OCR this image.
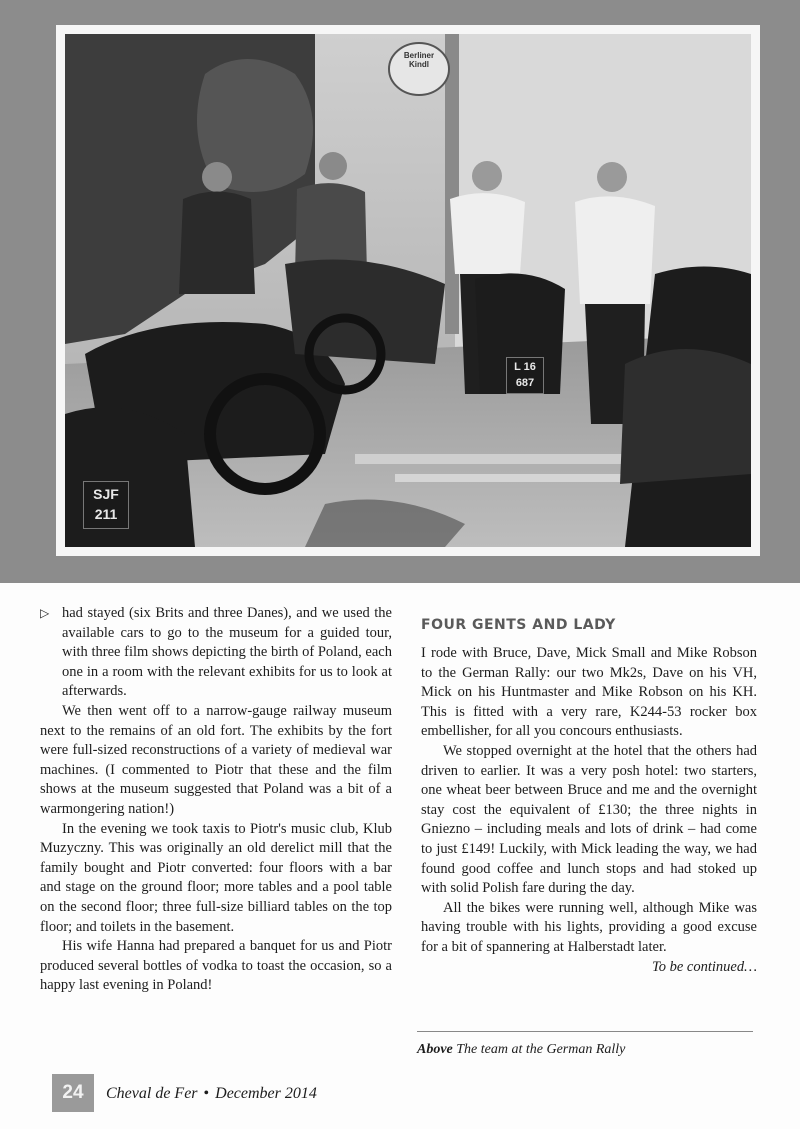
Berliner
Kindl
SJF
211
L 16
687
▷ had stayed (six Brits and three Danes), and we used the available cars to go to the museum for a guided tour, with three film shows depicting the birth of Poland, each one in a room with the relevant exhibits for us to look at afterwards.

We then went off to a narrow-gauge railway museum next to the remains of an old fort. The exhibits by the fort were full-sized reconstructions of a variety of medieval war machines. (I commented to Piotr that these and the film shows at the museum suggested that Poland was a bit of a warmongering nation!)

In the evening we took taxis to Piotr's music club, Klub Muzyczny. This was originally an old derelict mill that the family bought and Piotr converted: four floors with a bar and stage on the ground floor; more tables and a pool table on the second floor; three full-size billiard tables on the top floor; and toilets in the basement.

His wife Hanna had prepared a banquet for us and Piotr produced several bottles of vodka to toast the occasion, so a happy last evening in Poland!

FOUR GENTS AND LADY

I rode with Bruce, Dave, Mick Small and Mike Robson to the German Rally: our two Mk2s, Dave on his VH, Mick on his Huntmaster and Mike Robson on his KH. This is fitted with a very rare, K244-53 rocker box embellisher, for all you concours enthusiasts.

We stopped overnight at the hotel that the others had driven to earlier. It was a very posh hotel: two starters, one wheat beer between Bruce and me and the overnight stay cost the equivalent of £130; the three nights in Gniezno – including meals and lots of drink – had come to just £149! Luckily, with Mick leading the way, we had found good coffee and lunch stops and had stoked up with solid Polish fare during the day.

All the bikes were running well, although Mike was having trouble with his lights, providing a good excuse for a bit of spannering at Halberstadt later.
To be continued…

Above The team at the German Rally
24	Cheval de Fer • December 2014
